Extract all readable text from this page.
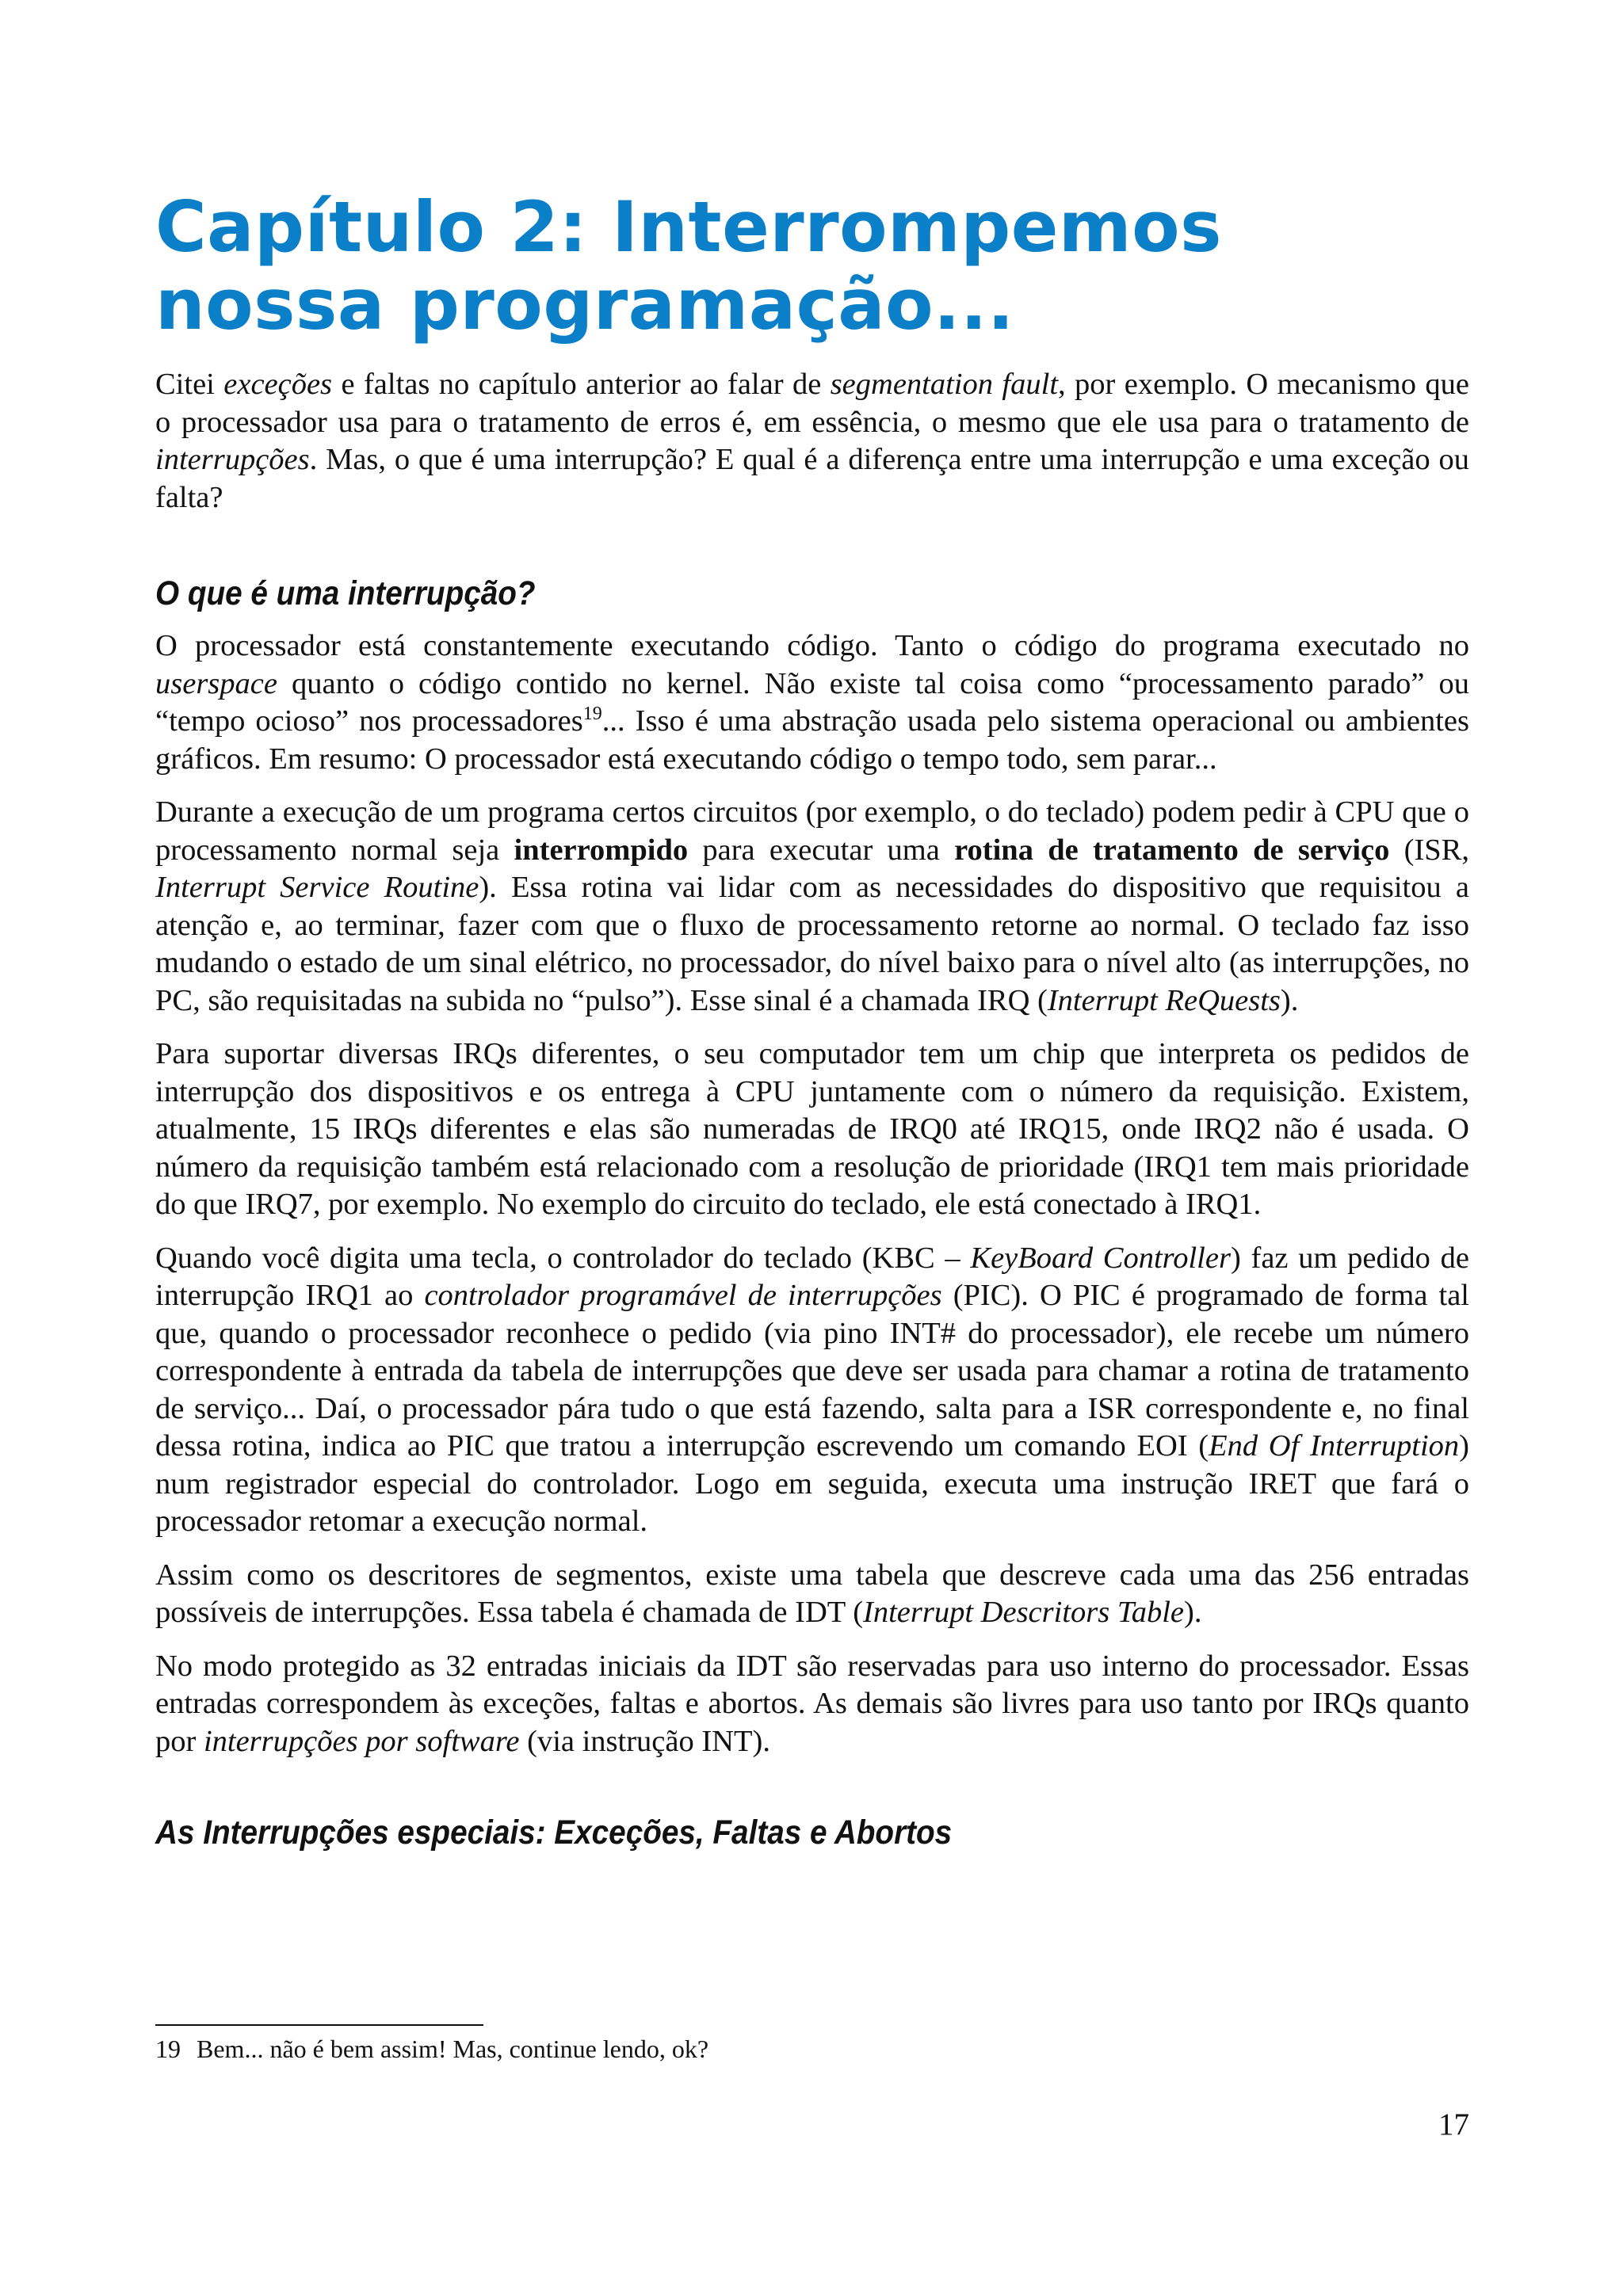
Capítulo 2: Interrompemos nossa programação...

Citei exceções e faltas no capítulo anterior ao falar de segmentation fault, por exemplo. O mecanismo que o processador usa para o tratamento de erros é, em essência, o mesmo que ele usa para o tratamento de interrupções. Mas, o que é uma interrupção? E qual é a diferença entre uma interrupção e uma exceção ou falta?

O que é uma interrupção?

O processador está constantemente executando código. Tanto o código do programa executado no userspace quanto o código contido no kernel. Não existe tal coisa como “processamento parado” ou “tempo ocioso” nos processadores$^{19}$... Isso é uma abstração usada pelo sistema operacional ou ambientes gráficos. Em resumo: O processador está executando código o tempo todo, sem parar...

Durante a execução de um programa certos circuitos (por exemplo, o do teclado) podem pedir à CPU que o processamento normal seja interrompido para executar uma rotina de tratamento de serviço (ISR, Interrupt Service Routine). Essa rotina vai lidar com as necessidades do dispositivo que requisitou a atenção e, ao terminar, fazer com que o fluxo de processamento retorne ao normal. O teclado faz isso mudando o estado de um sinal elétrico, no processador, do nível baixo para o nível alto (as interrupções, no PC, são requisitadas na subida no “pulso”). Esse sinal é a chamada IRQ (Interrupt ReQuests).

Para suportar diversas IRQs diferentes, o seu computador tem um chip que interpreta os pedidos de interrupção dos dispositivos e os entrega à CPU juntamente com o número da requisição. Existem, atualmente, 15 IRQs diferentes e elas são numeradas de IRQ0 até IRQ15, onde IRQ2 não é usada. O número da requisição também está relacionado com a resolução de prioridade (IRQ1 tem mais prioridade do que IRQ7, por exemplo. No exemplo do circuito do teclado, ele está conectado à IRQ1.

Quando você digita uma tecla, o controlador do teclado (KBC – KeyBoard Controller) faz um pedido de interrupção IRQ1 ao controlador programável de interrupções (PIC). O PIC é programado de forma tal que, quando o processador reconhece o pedido (via pino INT# do processador), ele recebe um número correspondente à entrada da tabela de interrupções que deve ser usada para chamar a rotina de tratamento de serviço... Daí, o processador pára tudo o que está fazendo, salta para a ISR correspondente e, no final dessa rotina, indica ao PIC que tratou a interrupção escrevendo um comando EOI (End Of Interruption) num registrador especial do controlador. Logo em seguida, executa uma instrução IRET que fará o processador retomar a execução normal.

Assim como os descritores de segmentos, existe uma tabela que descreve cada uma das 256 entradas possíveis de interrupções. Essa tabela é chamada de IDT (Interrupt Descritors Table).

No modo protegido as 32 entradas iniciais da IDT são reservadas para uso interno do processador. Essas entradas correspondem às exceções, faltas e abortos. As demais são livres para uso tanto por IRQs quanto por interrupções por software (via instrução INT).

As Interrupções especiais: Exceções, Faltas e Abortos
19 Bem... não é bem assim! Mas, continue lendo, ok?
17
